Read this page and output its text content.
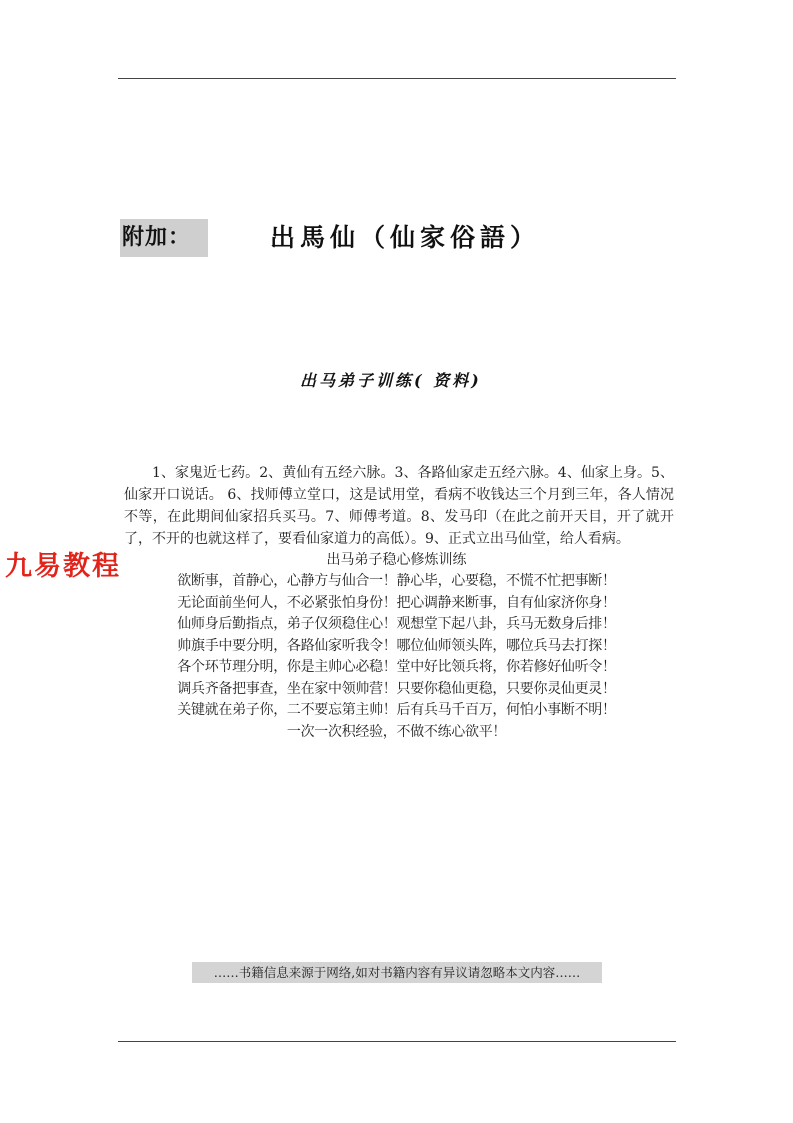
附加：	出馬仙（仙家俗語）
出马弟子训练( 资料)

1、家鬼近七药。2、黄仙有五经六脉。3、各路仙家走五经六脉。4、仙家上身。5、仙家开口说话。 6、找师傅立堂口，这是试用堂，看病不收钱达三个月到三年，各人情况不等，在此期间仙家招兵买马。7、师傅考道。8、发马印（在此之前开天目，开了就开了，不开的也就这样了，要看仙家道力的高低）。9、正式立出马仙堂，给人看病。

九易教程	出马弟子稳心修炼训练
欲断事，首静心，心静方与仙合一！静心毕，心要稳，不慌不忙把事断！
无论面前坐何人，不必紧张怕身份！把心调静来断事，自有仙家济你身！
仙师身后勤指点，弟子仅须稳住心！观想堂下起八卦，兵马无数身后排！
帅旗手中要分明，各路仙家听我令！哪位仙师领头阵，哪位兵马去打探！
各个环节理分明，你是主帅心必稳！堂中好比领兵将，你若修好仙听令！
调兵齐备把事查，坐在家中领帅营！只要你稳仙更稳，只要你灵仙更灵！
关键就在弟子你，二不要忘第主帅！后有兵马千百万，何怕小事断不明！
一次一次积经验，不做不练心欲平！
……书籍信息来源于网络,如对书籍内容有异议请忽略本文内容……
